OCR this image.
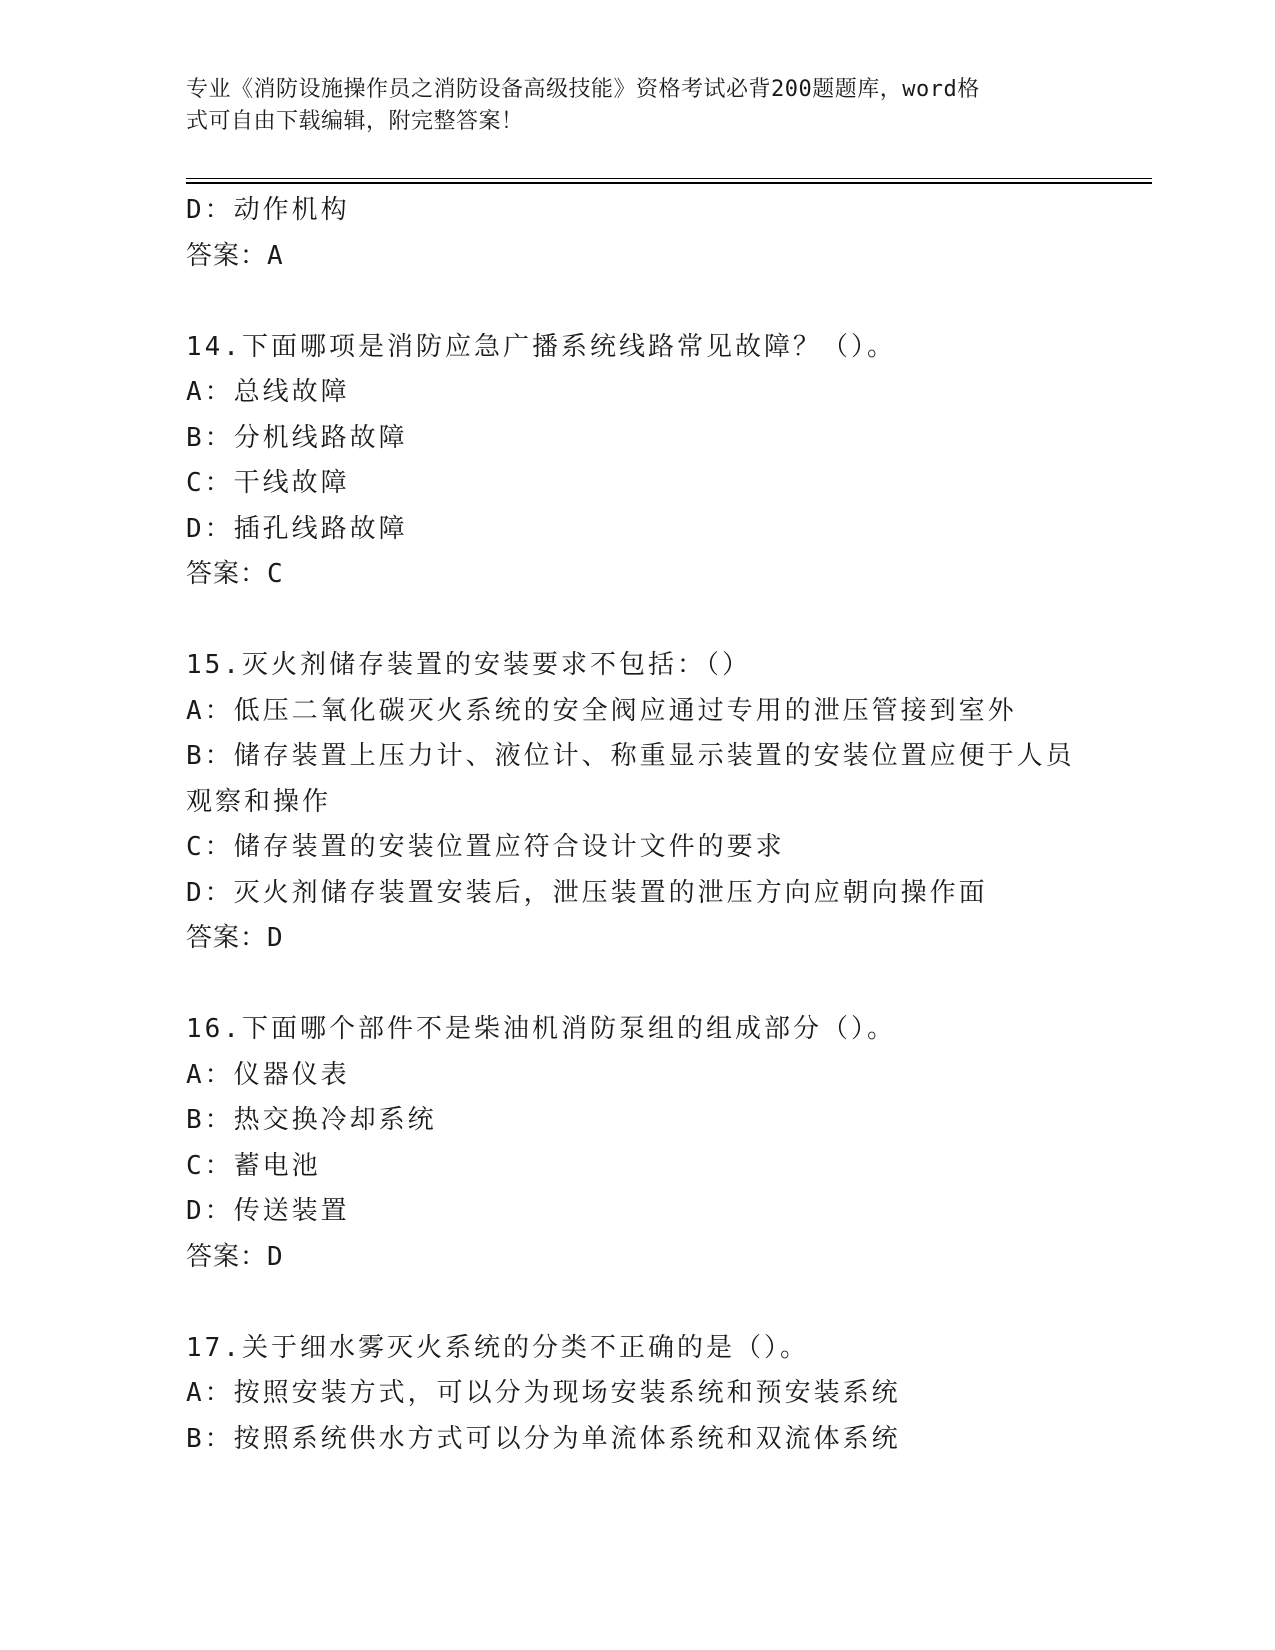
专业《消防设施操作员之消防设备高级技能》资格考试必背200题题库，word格
式可自由下载编辑，附完整答案！
D：动作机构
答案：A
14.下面哪项是消防应急广播系统线路常见故障？（）。
A：总线故障
B：分机线路故障
C：干线故障
D：插孔线路故障
答案：C
15.灭火剂储存装置的安装要求不包括：（）
A：低压二氧化碳灭火系统的安全阀应通过专用的泄压管接到室外
B：储存装置上压力计、液位计、称重显示装置的安装位置应便于人员
观察和操作
C：储存装置的安装位置应符合设计文件的要求
D：灭火剂储存装置安装后，泄压装置的泄压方向应朝向操作面
答案：D
16.下面哪个部件不是柴油机消防泵组的组成部分（）。
A：仪器仪表
B：热交换冷却系统
C：蓄电池
D：传送装置
答案：D
17.关于细水雾灭火系统的分类不正确的是（）。
A：按照安装方式，可以分为现场安装系统和预安装系统
B：按照系统供水方式可以分为单流体系统和双流体系统
